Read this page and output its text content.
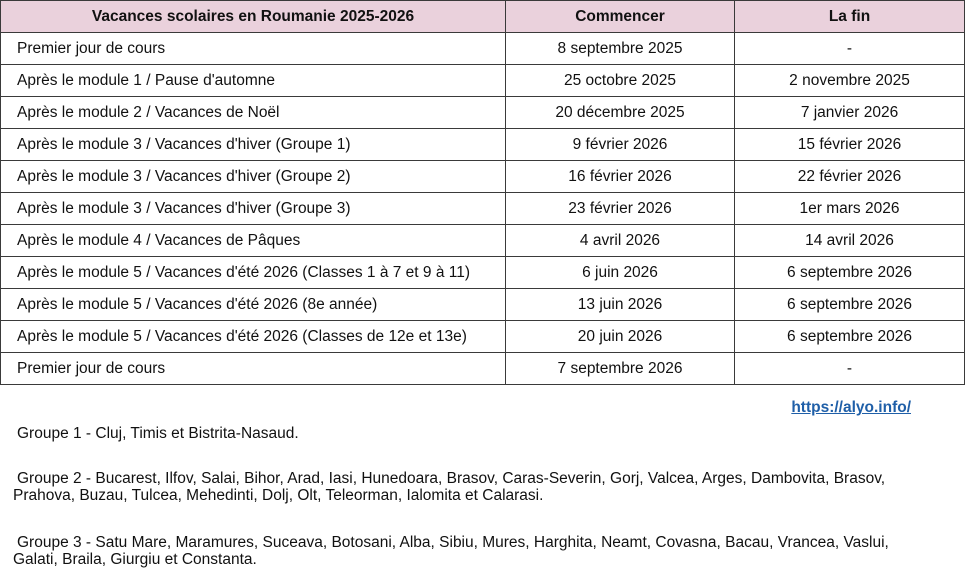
Vacances scolaires en Roumanie 2025-2026	Commencer	La fin
Premier jour de cours	8 septembre 2025	-
Après le module 1 / Pause d'automne	25 octobre 2025	2 novembre 2025
Après le module 2 / Vacances de Noël	20 décembre 2025	7 janvier 2026
Après le module 3 / Vacances d'hiver (Groupe 1)	9 février 2026	15 février 2026
Après le module 3 / Vacances d'hiver (Groupe 2)	16 février 2026	22 février 2026
Après le module 3 / Vacances d'hiver (Groupe 3)	23 février 2026	1er mars 2026
Après le module 4 / Vacances de Pâques	4 avril 2026	14 avril 2026
Après le module 5 / Vacances d'été 2026 (Classes 1 à 7 et 9 à 11)	6 juin 2026	6 septembre 2026
Après le module 5 / Vacances d'été 2026 (8e année)	13 juin 2026	6 septembre 2026
Après le module 5 / Vacances d'été 2026 (Classes de 12e et 13e)	20 juin 2026	6 septembre 2026
Premier jour de cours	7 septembre 2026	-
https://alyo.info/
Groupe 1 - Cluj, Timis et Bistrita-Nasaud.
Groupe 2 - Bucarest, Ilfov, Salai, Bihor, Arad, Iasi, Hunedoara, Brasov, Caras-Severin, Gorj, Valcea, Arges, Dambovita, Brasov,
Prahova, Buzau, Tulcea, Mehedinti, Dolj, Olt, Teleorman, Ialomita et Calarasi.
Groupe 3 - Satu Mare, Maramures, Suceava, Botosani, Alba, Sibiu, Mures, Harghita, Neamt, Covasna, Bacau, Vrancea, Vaslui,
Galati, Braila, Giurgiu et Constanta.
